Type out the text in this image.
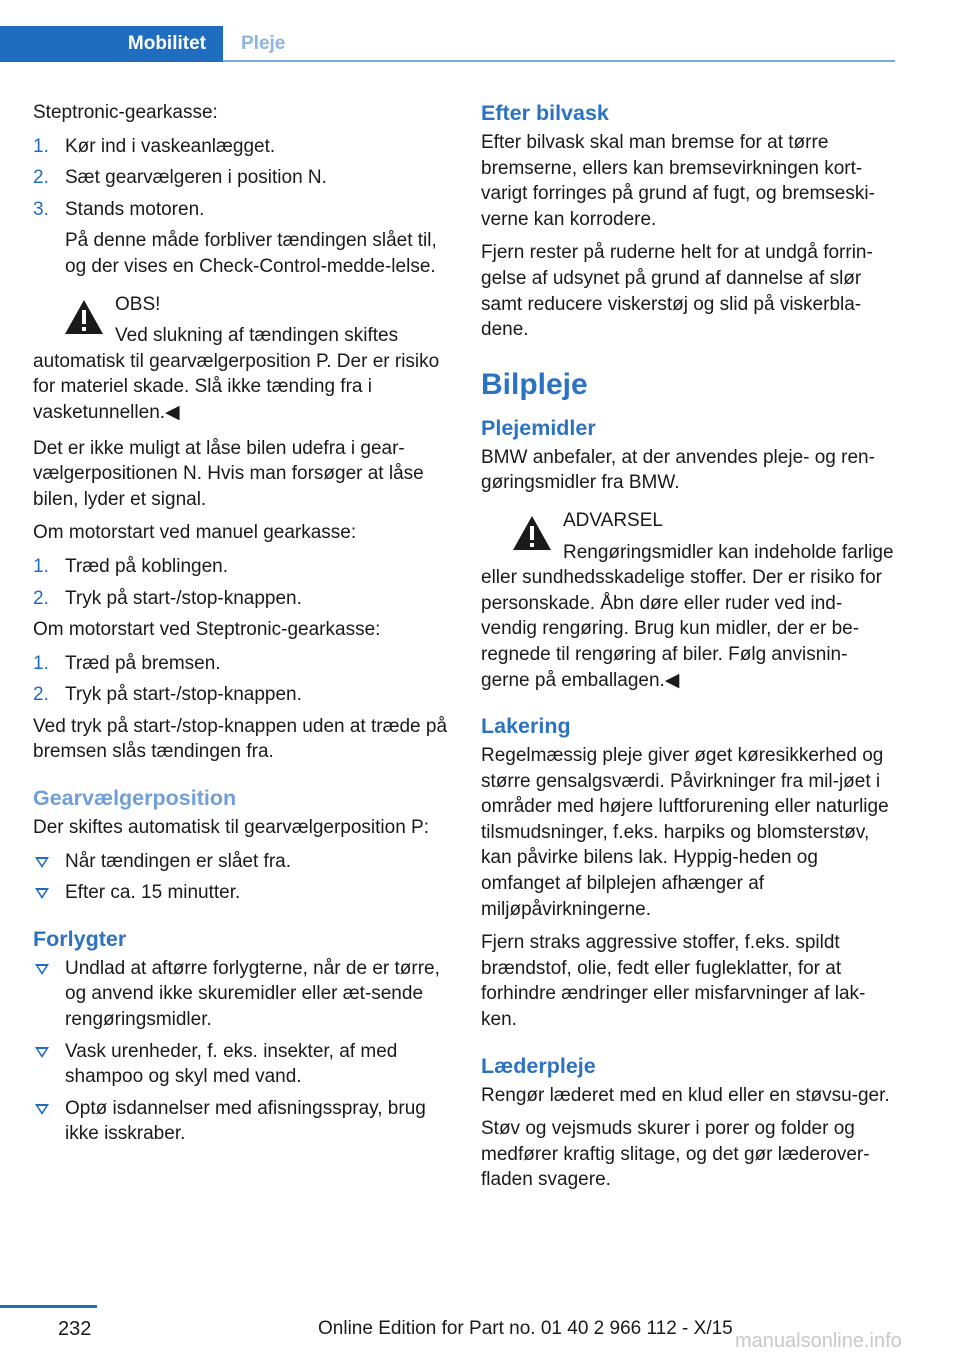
Mobilitet Pleje

Steptronic-gearkasse:

1. Kør ind i vaskeanlægget.
2. Sæt gearvælgeren i position N.
3. Stands motoren.
På denne måde forbliver tændingen slået til, og der vises en Check-Control-medde‐lelse.
OBS!
Ved slukning af tændingen skiftes automatisk til gearvælgerposition P. Der er risiko for materiel skade. Slå ikke tænding fra i vasketunnellen.◀

Det er ikke muligt at låse bilen udefra i gear‐vælgerpositionen N. Hvis man forsøger at låse bilen, lyder et signal.

Om motorstart ved manuel gearkasse:

1. Træd på koblingen.
2. Tryk på start-/stop-knappen.

Om motorstart ved Steptronic-gearkasse:

1. Træd på bremsen.
2. Tryk på start-/stop-knappen.

Ved tryk på start-/stop-knappen uden at træde på bremsen slås tændingen fra.

Gearvælgerposition

Der skiftes automatisk til gearvælgerposition P:

Når tændingen er slået fra.
Efter ca. 15 minutter.
Forlygter
Undlad at aftørre forlygterne, når de er tørre, og anvend ikke skuremidler eller æt‐sende rengøringsmidler.
Vask urenheder, f. eks. insekter, af med shampoo og skyl med vand.
Optø isdannelser med afisningsspray, brug ikke isskraber.
Efter bilvask

Efter bilvask skal man bremse for at tørre bremserne, ellers kan bremsevirkningen kort‐varigt forringes på grund af fugt, og bremseski‐verne kan korrodere.

Fjern rester på ruderne helt for at undgå forrin‐gelse af udsynet på grund af dannelse af slør samt reducere viskerstøj og slid på viskerbla‐dene.

Bilpleje
Plejemidler

BMW anbefaler, at der anvendes pleje- og ren‐gøringsmidler fra BMW.

ADVARSEL
Rengøringsmidler kan indeholde farlige eller sundhedsskadelige stoffer. Der er risiko for personskade. Åbn døre eller ruder ved ind‐vendig rengøring. Brug kun midler, der er be‐regnede til rengøring af biler. Følg anvisnin‐gerne på emballagen.◀
Lakering

Regelmæssig pleje giver øget køresikkerhed og større gensalgsværdi. Påvirkninger fra mil‐jøet i områder med højere luftforurening eller naturlige tilsmudsninger, f.eks. harpiks og blomsterstøv, kan påvirke bilens lak. Hyppig‐heden og omfanget af bilplejen afhænger af miljøpåvirkningerne.

Fjern straks aggressive stoffer, f.eks. spildt brændstof, olie, fedt eller fugleklatter, for at forhindre ændringer eller misfarvninger af lak‐ken.

Læderpleje

Rengør læderet med en klud eller en støvsu‐ger.

Støv og vejsmuds skurer i porer og folder og medfører kraftig slitage, og det gør læderover‐fladen svagere.

232	Online Edition for Part no. 01 40 2 966 112 - X/15
manualsonline.info
